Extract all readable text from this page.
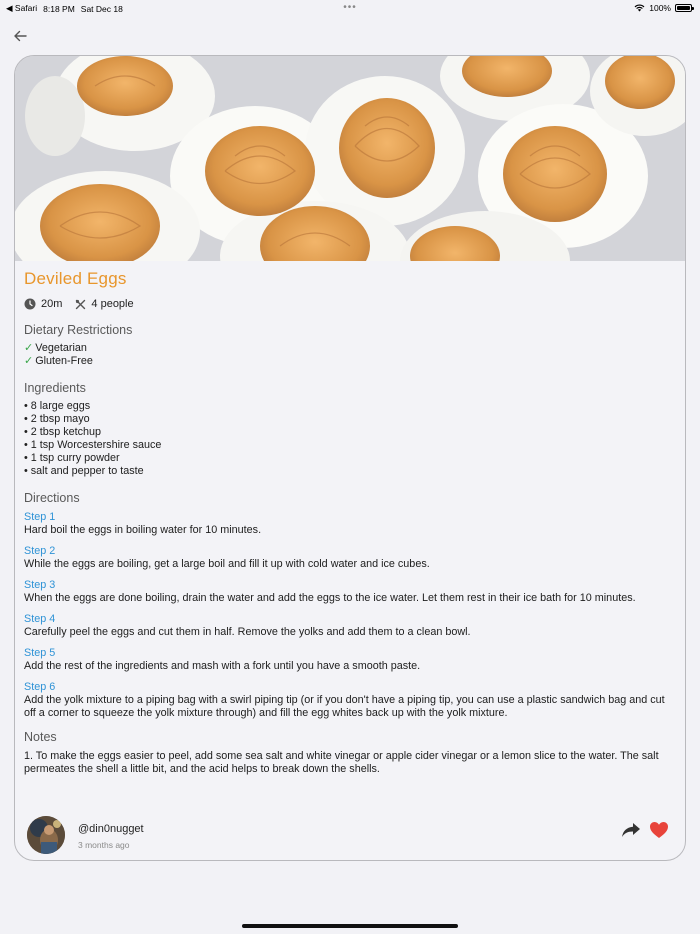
◀ Safari 8:18 PM Sat Dec 18	•••	100%
Deviled Eggs
20m	4 people
Dietary Restrictions
✓ Vegetarian
✓ Gluten-Free
Ingredients
• 8 large eggs
• 2 tbsp mayo
• 2 tbsp ketchup
• 1 tsp Worcestershire sauce
• 1 tsp curry powder
• salt and pepper to taste
Directions
Step 1
Hard boil the eggs in boiling water for 10 minutes.
Step 2
While the eggs are boiling, get a large boil and fill it up with cold water and ice cubes.
Step 3
When the eggs are done boiling, drain the water and add the eggs to the ice water. Let them rest in their ice bath for 10 minutes.
Step 4
Carefully peel the eggs and cut them in half. Remove the yolks and add them to a clean bowl.
Step 5
Add the rest of the ingredients and mash with a fork until you have a smooth paste.
Step 6
Add the yolk mixture to a piping bag with a swirl piping tip (or if you don't have a piping tip, you can use a plastic sandwich bag and cut off a corner to squeeze the yolk mixture through) and fill the egg whites back up with the yolk mixture.
Notes
1. To make the eggs easier to peel, add some sea salt and white vinegar or apple cider vinegar or a lemon slice to the water. The salt permeates the shell a little bit, and the acid helps to break down the shells.
@din0nugget
3 months ago
